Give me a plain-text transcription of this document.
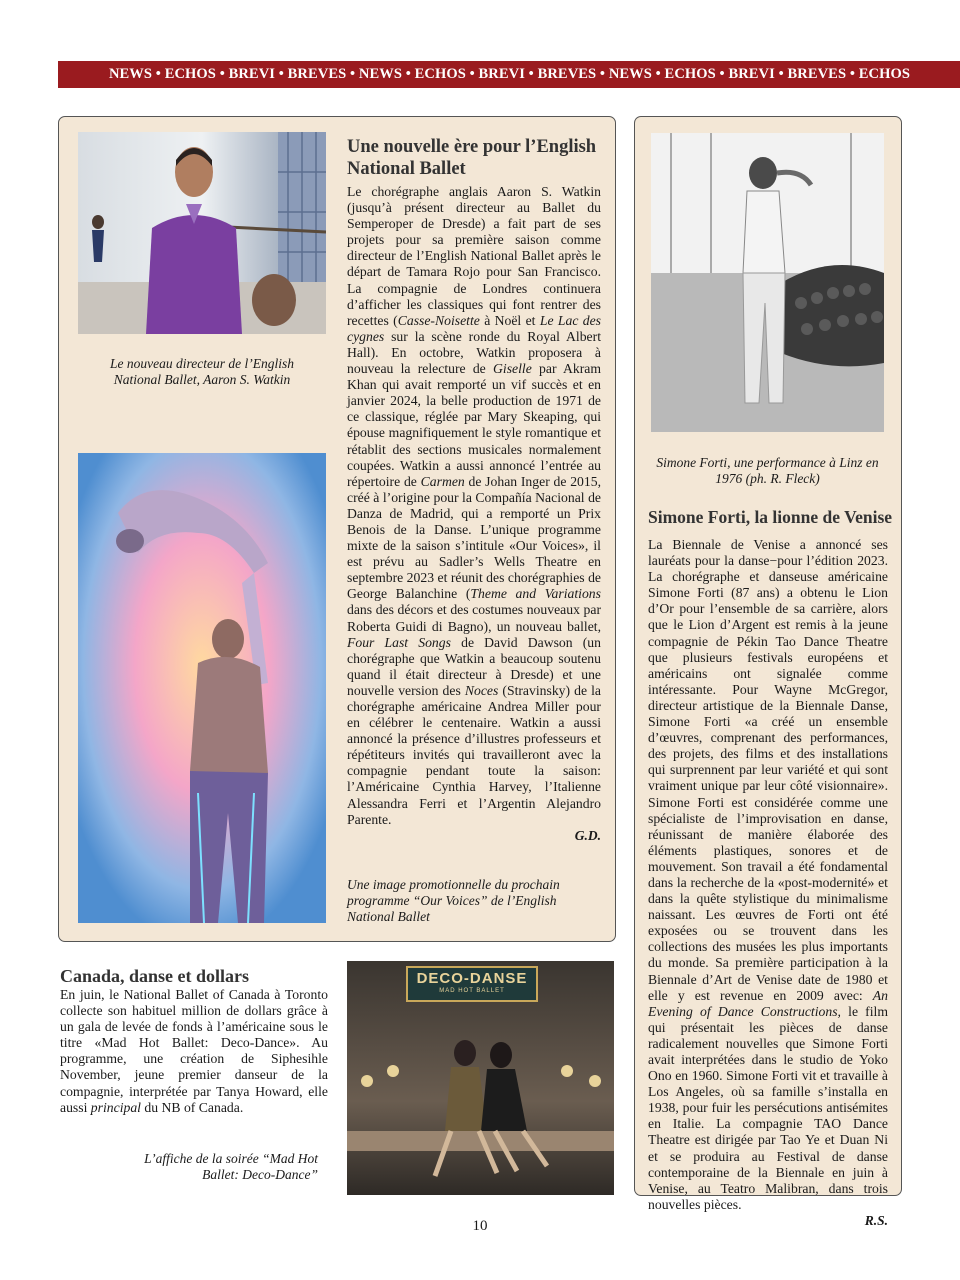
NEWS • ECHOS • BREVI • BREVES • NEWS • ECHOS • BREVI • BREVES • NEWS • ECHOS • BREVI • BREVES • ECHOS
Le nouveau directeur de l’English National Ballet, Aaron S. Watkin
Une nouvelle ère pour l’English National Ballet

Le chorégraphe anglais Aaron S. Watkin (jusqu’à présent directeur au Ballet du Semperoper de Dresde) a fait part de ses projets pour sa première saison comme directeur de l’English National Ballet après le départ de Tamara Rojo pour San Francisco. La compagnie de Londres continuera d’afficher les classiques qui font rentrer des recettes (Casse-Noisette à Noël et Le Lac des cygnes sur la scène ronde du Royal Albert Hall). En octobre, Watkin proposera à nouveau la relecture de Giselle par Akram Khan qui avait remporté un vif succès et en janvier 2024, la belle production de 1971 de ce classique, réglée par Mary Skeaping, qui épouse magnifiquement le style romantique et rétablit des sections musicales normalement coupées. Watkin a aussi annoncé l’entrée au répertoire de Carmen de Johan Inger de 2015, créé à l’origine pour la Compañía Nacional de Danza de Madrid, qui a remporté un Prix Benois de la Danse. L’unique programme mixte de la saison s’intitule «Our Voices», il est prévu au Sadler’s Wells Theatre en septembre 2023 et réunit des chorégraphies de George Balanchine (Theme and Variations dans des décors et des costumes nouveaux par Roberta Guidi di Bagno), un nouveau ballet, Four Last Songs de David Dawson (un chorégraphe que Watkin a beaucoup soutenu quand il était directeur à Dresde) et une nouvelle version des Noces (Stravinsky) de la chorégraphe américaine Andrea Miller pour en célébrer le centenaire. Watkin a aussi annoncé la présence d’illustres professeurs et répétiteurs invités qui travailleront avec la compagnie pendant toute la saison: l’Américaine Cynthia Harvey, l’Italienne Alessandra Ferri et l’Argentin Alejandro Parente.

G.D.
Une image promotionnelle du prochain programme “Our Voices” de l’English National Ballet
Simone Forti, une performance à Linz en 1976 (ph. R. Fleck)
Simone Forti, la lionne de Venise

La Biennale de Venise a annoncé ses lauréats pour la danse−pour l’édition 2023. La chorégraphe et danseuse américaine Simone Forti (87 ans) a obtenu le Lion d’Or pour l’ensemble de sa carrière, alors que le Lion d’Argent est remis à la jeune compagnie de Pékin Tao Dance Theatre que plusieurs festivals européens et américains ont signalée comme intéressante. Pour Wayne McGregor, directeur artistique de la Biennale Danse, Simone Forti «a créé un ensemble d’œuvres, comprenant des performances, des projets, des films et des installations qui surprennent par leur variété et qui sont vraiment unique par leur côté visionnaire». Simone Forti est considérée comme une spécialiste de l’improvisation en danse, réunissant de manière élaborée des éléments plastiques, sonores et de mouvement. Son travail a été fondamental dans la recherche de la «post-modernité» et dans la quête stylistique du minimalisme naissant. Les œuvres de Forti ont été exposées ou se trouvent dans les collections des musées les plus importants du monde. Sa première participation à la Biennale d’Art de Venise date de 1980 et elle y est revenue en 2009 avec: An Evening of Dance Constructions, le film qui présentait les pièces de danse radicalement nouvelles que Simone Forti avait interprétées dans le studio de Yoko Ono en 1960. Simone Forti vit et travaille à Los Angeles, où sa famille s’installa en 1938, pour fuir les persécutions antisémites en Italie. La compagnie TAO Dance Theatre est dirigée par Tao Ye et Duan Ni et se produira au Festival de danse contemporaine de la Biennale en juin à Venise, au Teatro Malibran, dans trois nouvelles pièces.

R.S.
Canada, danse et dollars

En juin, le National Ballet of Canada à Toronto collecte son habituel million de dollars grâce à un gala de levée de fonds à l’américaine sous le titre «Mad Hot Ballet: Deco-Dance». Au programme, une création de Siphesihle November, jeune premier danseur de la compagnie, interprétée par Tanya Howard, elle aussi principal du NB of Canada.

L’affiche de la soirée “Mad Hot Ballet: Deco-Dance”
DECO-DANSE
MAD HOT BALLET
10
